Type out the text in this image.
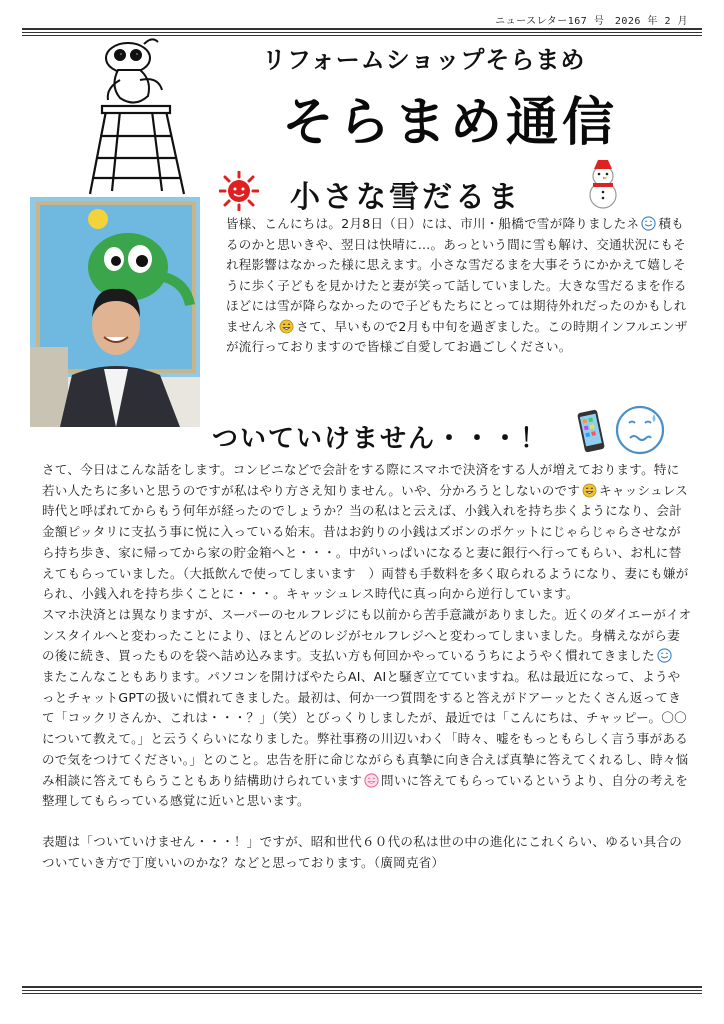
ニュースレター167 号　2026 年 2 月
リフォームショップそらまめ
そらまめ通信
小さな雪だるま
皆様、こんにちは。2月8日（日）には、市川・船橋で雪が降りましたネ 積もるのかと思いきや、翌日は快晴に…。あっという間に雪も解け、交通状況にもそれ程影響はなかった様に思えます。小さな雪だるまを大事そうにかかえて嬉しそうに歩く子どもを見かけたと妻が笑って話していました。大きな雪だるまを作るほどには雪が降らなかったので子どもたちにとっては期待外れだったのかもしれませんネ さて、早いもので2月も中旬を過ぎました。この時期インフルエンザが流行っておりますので皆様ご自愛してお過ごしください。
ついていけません・・・！

さて、今日はこんな話をします。コンビニなどで会計をする際にスマホで決済をする人が増えております。特に若い人たちに多いと思うのですが私はやり方さえ知りません。いや、分かろうとしないのです キャッシュレス時代と呼ばれてからもう何年が経ったのでしょうか？当の私はと云えば、小銭入れを持ち歩くようになり、会計金額ピッタリに支払う事に悦に入っている始末。昔はお釣りの小銭はズボンのポケットにじゃらじゃらさせながら持ち歩き、家に帰ってから家の貯金箱へと・・・。中がいっぱいになると妻に銀行へ行ってもらい、お札に替えてもらっていました。（大抵飲んで使ってしまいます　）両替も手数料を多く取られるようになり、妻にも嫌がられ、小銭入れを持ち歩くことに・・・。キャッシュレス時代に真っ向から逆行しています。

スマホ決済とは異なりますが、スーパーのセルフレジにも以前から苦手意識がありました。近くのダイエーがイオンスタイルへと変わったことにより、ほとんどのレジがセルフレジへと変わってしまいました。身構えながら妻の後に続き、買ったものを袋へ詰め込みます。支払い方も何回かやっているうちにようやく慣れてきました

またこんなこともあります。パソコンを開けばやたらAI、AIと騒ぎ立てていますね。私は最近になって、ようやっとチャットGPTの扱いに慣れてきました。最初は、何か一つ質問をすると答えがドアーッとたくさん返ってきて「コックリさんか、これは・・・？」（笑）とびっくりしましたが、最近では「こんにちは、チャッピー。〇〇について教えて。」と云うくらいになりました。弊社事務の川辺いわく「時々、嘘をもっともらしく言う事があるので気をつけてください。」とのこと。忠告を肝に命じながらも真摯に向き合えば真摯に答えてくれるし、時々悩み相談に答えてもらうこともあり結構助けられています 問いに答えてもらっているというより、自分の考えを整理してもらっている感覚に近いと思います。

表題は「ついていけません・・・！」ですが、昭和世代６０代の私は世の中の進化にこれくらい、ゆるい具合のついていき方で丁度いいのかな？などと思っております。（廣岡克省）
